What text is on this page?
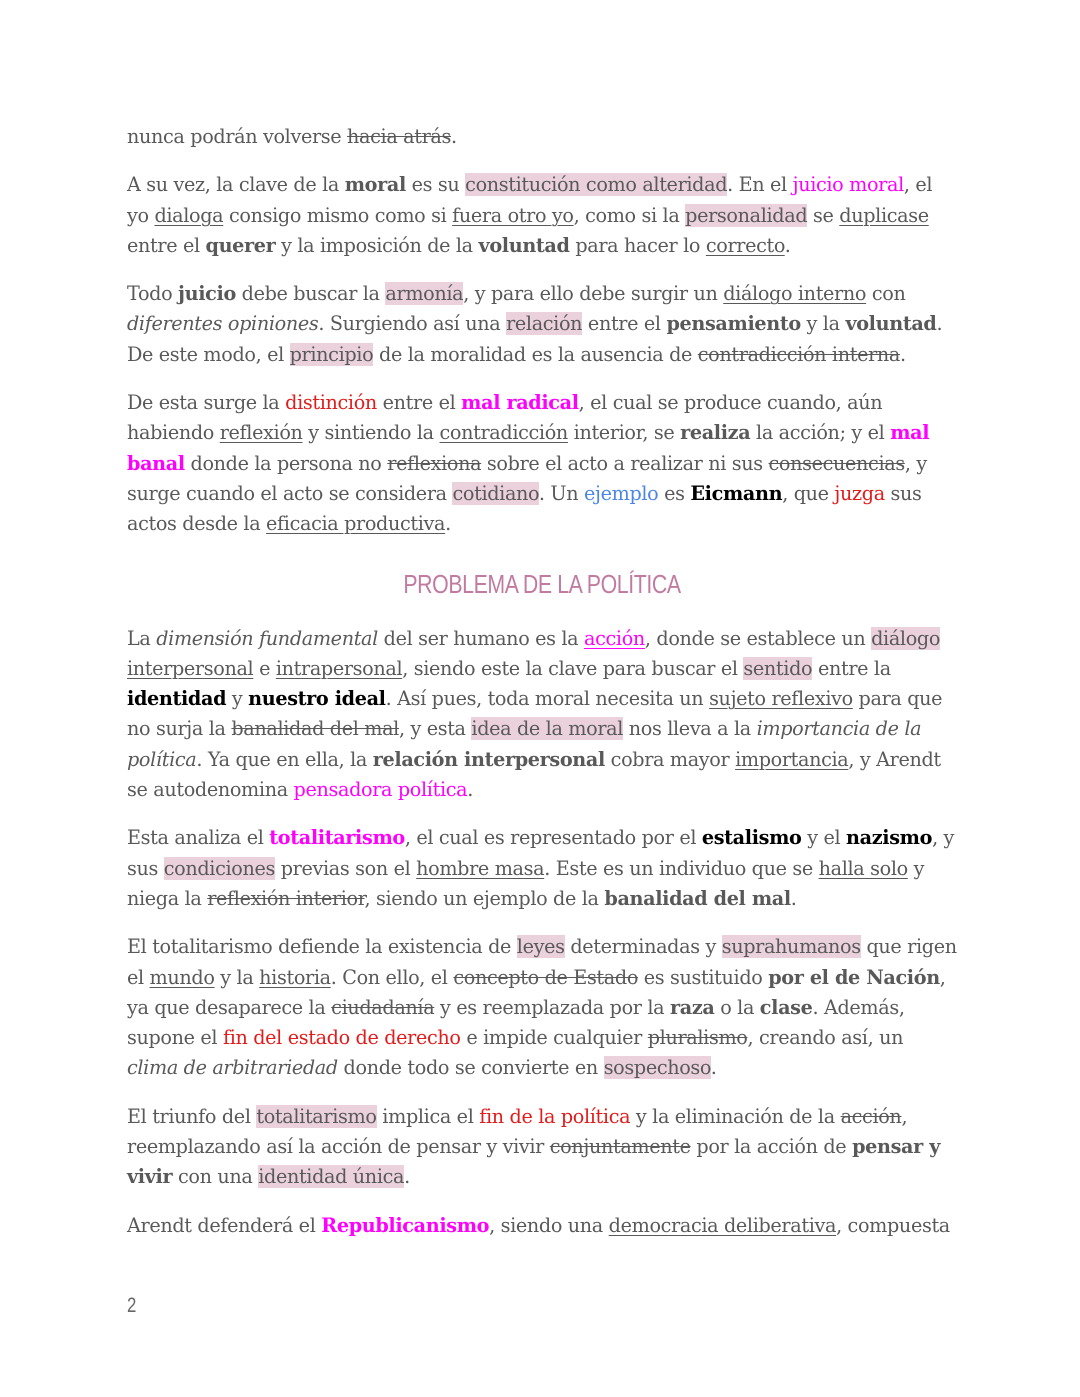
nunca podrán volverse hacia atrás.

A su vez, la clave de la moral es su constitución como alteridad. En el juicio moral, el yo dialoga consigo mismo como si fuera otro yo, como si la personalidad se duplicase entre el querer y la imposición de la voluntad para hacer lo correcto.

Todo juicio debe buscar la armonía, y para ello debe surgir un diálogo interno con diferentes opiniones. Surgiendo así una relación entre el pensamiento y la voluntad. De este modo, el principio de la moralidad es la ausencia de contradicción interna.

De esta surge la distinción entre el mal radical, el cual se produce cuando, aún habiendo reflexión y sintiendo la contradicción interior, se realiza la acción; y el mal banal donde la persona no reflexiona sobre el acto a realizar ni sus consecuencias, y surge cuando el acto se considera cotidiano. Un ejemplo es Eicmann, que juzga sus actos desde la eficacia productiva.

PROBLEMA DE LA POLÍTICA

La dimensión fundamental del ser humano es la acción, donde se establece un diálogo interpersonal e intrapersonal, siendo este la clave para buscar el sentido entre la identidad y nuestro ideal. Así pues, toda moral necesita un sujeto reflexivo para que no surja la banalidad del mal, y esta idea de la moral nos lleva a la importancia de la política. Ya que en ella, la relación interpersonal cobra mayor importancia, y Arendt se autodenomina pensadora política.

Esta analiza el totalitarismo, el cual es representado por el estalismo y el nazismo, y sus condiciones previas son el hombre masa. Este es un individuo que se halla solo y niega la reflexión interior, siendo un ejemplo de la banalidad del mal.

El totalitarismo defiende la existencia de leyes determinadas y suprahumanos que rigen el mundo y la historia. Con ello, el concepto de Estado es sustituido por el de Nación, ya que desaparece la ciudadanía y es reemplazada por la raza o la clase. Además, supone el fin del estado de derecho e impide cualquier pluralismo, creando así, un clima de arbitrariedad donde todo se convierte en sospechoso.

El triunfo del totalitarismo implica el fin de la política y la eliminación de la acción, reemplazando así la acción de pensar y vivir conjuntamente por la acción de pensar y vivir con una identidad única.

Arendt defenderá el Republicanismo, siendo una democracia deliberativa, compuesta

2
